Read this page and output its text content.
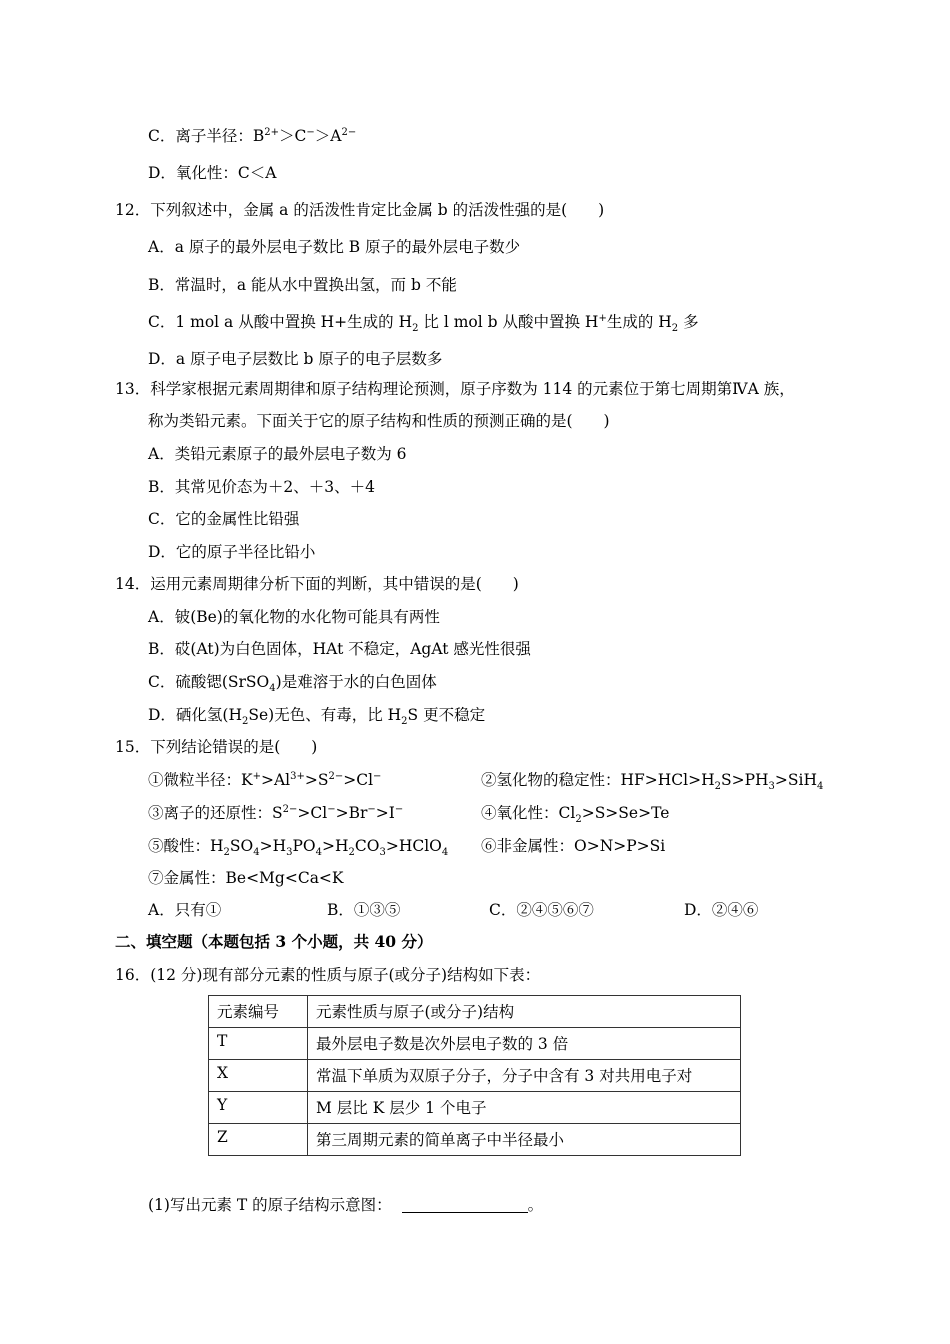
C．离子半径：$B^{2+}>C^->A^{2-}$
D．氧化性：C＜A
12．下列叙述中，金属 a 的活泼性肯定比金属 b 的活泼性强的是(　　)
A．a 原子的最外层电子数比 B 原子的最外层电子数少
B．常温时，a 能从水中置换出氢，而 b 不能
C．1 mol a 从酸中置换 H+生成的 $H_2$ 比 l mol b 从酸中置换 H+生成的 $H_2$ 多
D．a 原子电子层数比 b 原子的电子层数多
13．科学家根据元素周期律和原子结构理论预测，原子序数为 114 的元素位于第七周期第ⅣA 族，
称为类铅元素。下面关于它的原子结构和性质的预测正确的是(　　)
A．类铅元素原子的最外层电子数为 6
B．其常见价态为＋2、＋3、＋4
C．它的金属性比铅强
D．它的原子半径比铅小
14．运用元素周期律分析下面的判断，其中错误的是(　　)
A．铍(Be)的氧化物的水化物可能具有两性
B．砹(At)为白色固体，HAt 不稳定，AgAt 感光性很强
C．硫酸锶(SrSO$_4$)是难溶于水的白色固体
D．硒化氢$(H_2Se)$无色、有毒，比 $H_2S$ 更不稳定
15．下列结论错误的是(　　)
①微粒半径：$K^+>Al^{3+}>S^{2-}>Cl^-$	②氢化物的稳定性：$HF>HCl>H_2S>PH_3>SiH_4$
③离子的还原性：$S^{2-}>Cl^->Br^->I^-$	④氧化性：$Cl_2>S>Se>Te$
⑤酸性：$H_2SO_4>H_3PO_4>H_2CO_3>HClO_4$ ⑥非金属性：O>N>P>Si
⑦金属性：Be<Mg<Ca<K
A．只有①	B．①③⑤	C．②④⑤⑥⑦	D．②④⑥
二、填空题（本题包括 3 个小题，共 40 分）
16．(12 分)现有部分元素的性质与原子(或分子)结构如下表：
元素编号	元素性质与原子(或分子)结构
T	最外层电子数是次外层电子数的 3 倍
X	常温下单质为双原子分子，分子中含有 3 对共用电子对
Y	M 层比 K 层少 1 个电子
Z	第三周期元素的简单离子中半径最小
(1)写出元素 T 的原子结构示意图：	。
